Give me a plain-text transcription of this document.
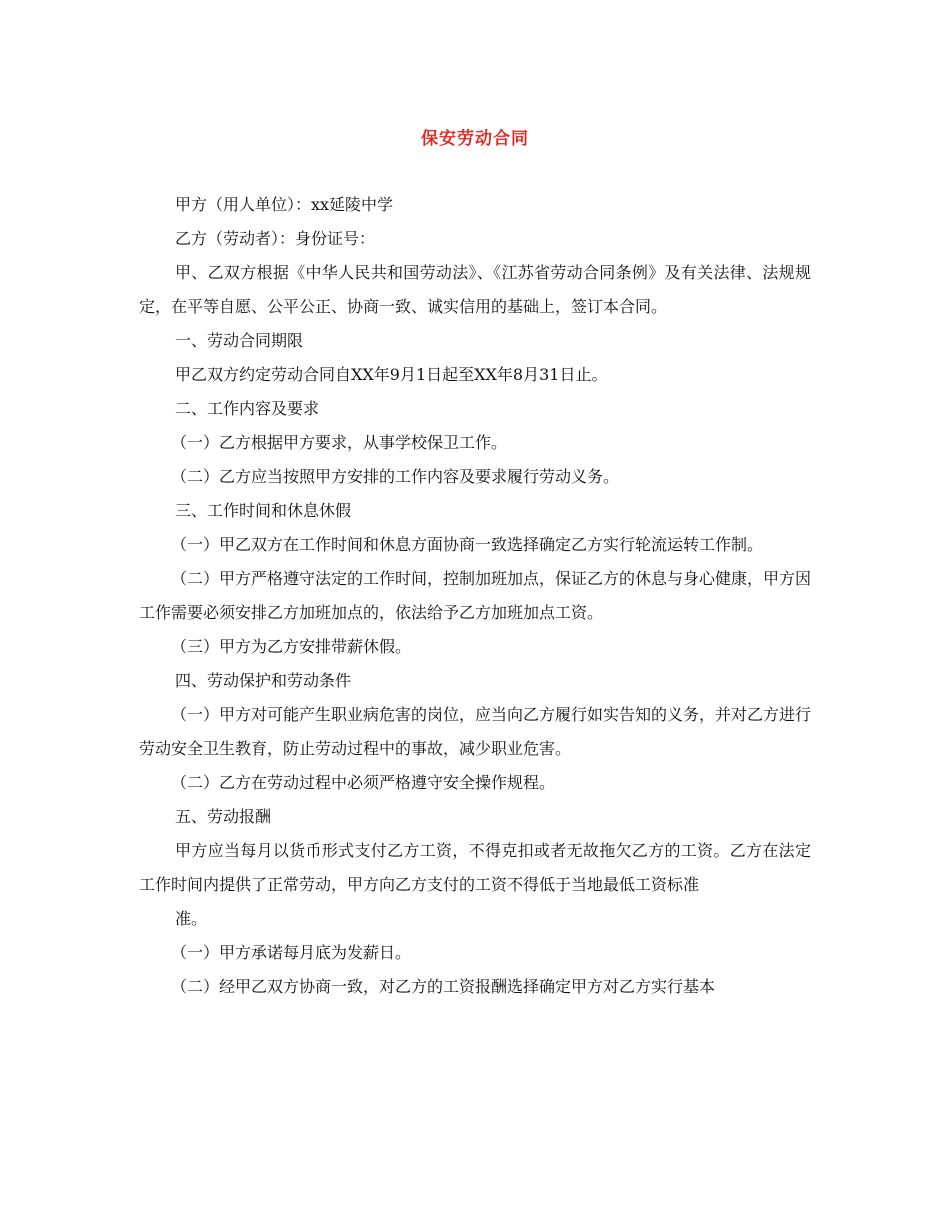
保安劳动合同

甲方（用人单位）：xx延陵中学

乙方（劳动者）：身份证号：

甲、乙双方根据《中华人民共和国劳动法》、《江苏省劳动合同条例》及有关法律、法规规定，在平等自愿、公平公正、协商一致、诚实信用的基础上，签订本合同。

一、劳动合同期限

甲乙双方约定劳动合同自XX年9月1日起至XX年8月31日止。

二、工作内容及要求

（一）乙方根据甲方要求，从事学校保卫工作。

（二）乙方应当按照甲方安排的工作内容及要求履行劳动义务。

三、工作时间和休息休假

（一）甲乙双方在工作时间和休息方面协商一致选择确定乙方实行轮流运转工作制。

（二）甲方严格遵守法定的工作时间，控制加班加点，保证乙方的休息与身心健康，甲方因工作需要必须安排乙方加班加点的，依法给予乙方加班加点工资。

（三）甲方为乙方安排带薪休假。

四、劳动保护和劳动条件

（一）甲方对可能产生职业病危害的岗位，应当向乙方履行如实告知的义务，并对乙方进行劳动安全卫生教育，防止劳动过程中的事故，减少职业危害。

（二）乙方在劳动过程中必须严格遵守安全操作规程。

五、劳动报酬

甲方应当每月以货币形式支付乙方工资，不得克扣或者无故拖欠乙方的工资。乙方在法定工作时间内提供了正常劳动，甲方向乙方支付的工资不得低于当地最低工资标准

准。

（一）甲方承诺每月底为发薪日。

（二）经甲乙双方协商一致，对乙方的工资报酬选择确定甲方对乙方实行基本
